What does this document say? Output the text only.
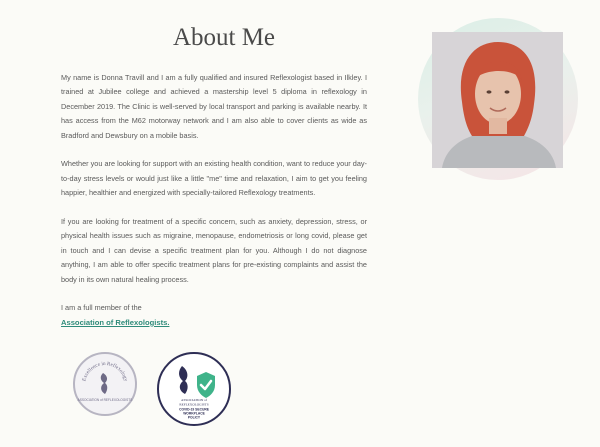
About Me

My name is Donna Travill and I am a fully qualified and insured Reflexologist based in Ilkley. I trained at Jubilee college and achieved a mastership level 5 diploma in reflexology in December 2019. The Clinic is well-served by local transport and parking is available nearby. It has access from the M62 motorway network and I am also able to cover clients as wide as Bradford and Dewsbury on a mobile basis.

Whether you are looking for support with an existing health condition, want to reduce your day-to-day stress levels or would just like a little "me" time and relaxation, I aim to get you feeling happier, healthier and energized with specially-tailored Reflexology treatments.

If you are looking for treatment of a specific concern, such as anxiety, depression, stress, or physical health issues such as migraine, menopause, endometriosis or long covid, please get in touch and I can devise a specific treatment plan for you. Although I do not diagnose anything, I am able to offer specific treatment plans for pre-existing complaints and assist the body in its own natural healing process.

I am a full member of the
Association of Reflexologists.

Excellence in Reflexology
ASSOCIATION of REFLEXOLOGISTS	ASSOCIATION of
REFLEXOLOGISTS
COVID-19 SECURE
WORKPLACE
POLICY
